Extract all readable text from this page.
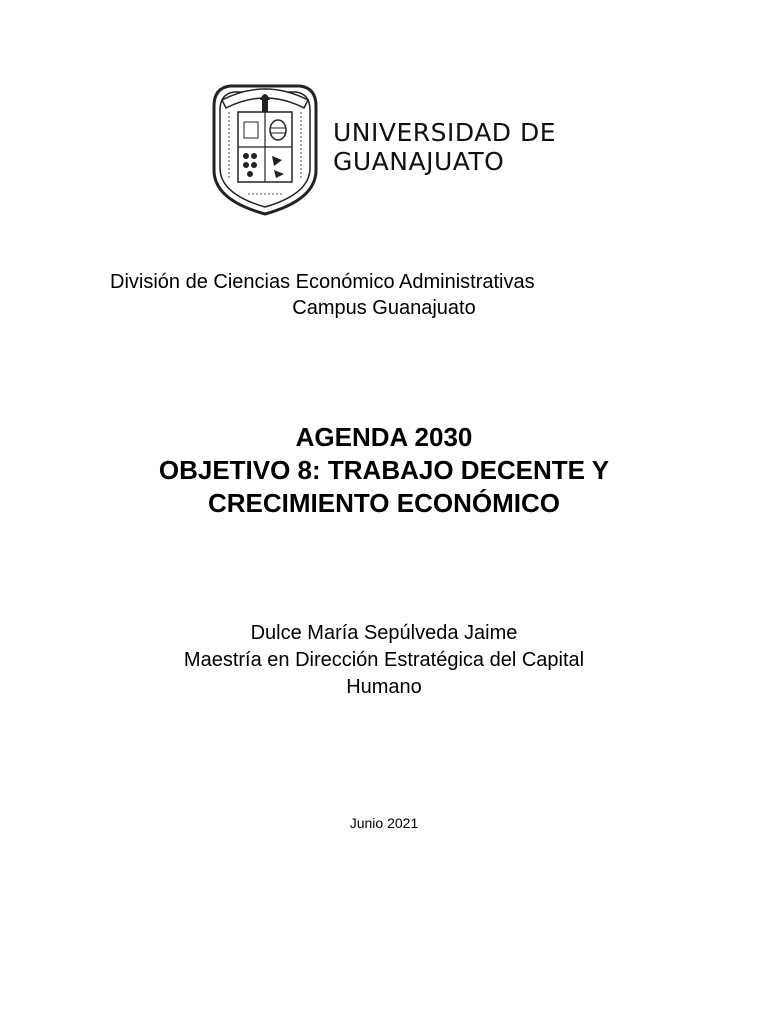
UNIVERSIDAD DE
GUANAJUATO
División de Ciencias Económico Administrativas
Campus Guanajuato
AGENDA 2030
OBJETIVO 8: TRABAJO DECENTE Y
CRECIMIENTO ECONÓMICO
Dulce María Sepúlveda Jaime
Maestría en Dirección Estratégica del Capital
Humano
Junio 2021
